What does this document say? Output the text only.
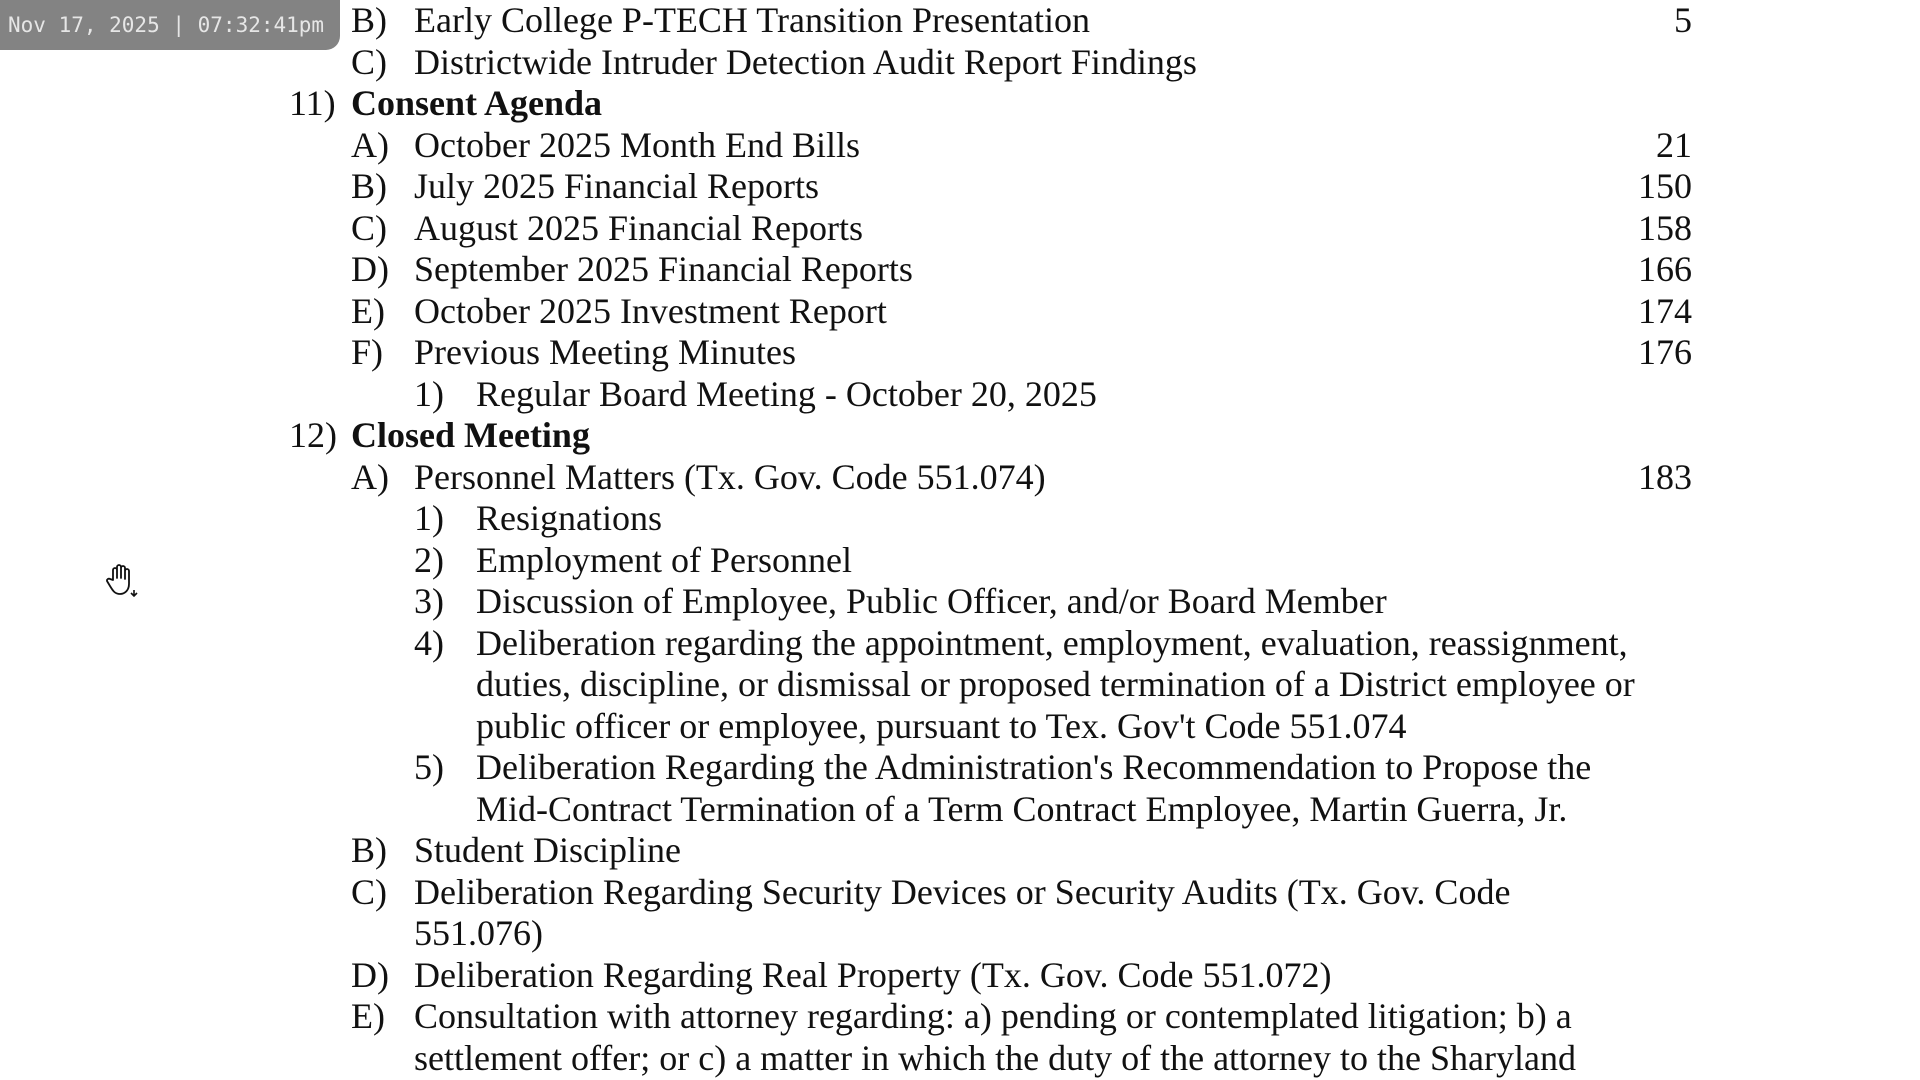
Nov 17, 2025 | 07:32:41pm B) Early College P-TECH Transition Presentation	5
C) Districtwide Intruder Detection Audit Report Findings
11) Consent Agenda
A) October 2025 Month End Bills	21
B) July 2025 Financial Reports	150
C) August 2025 Financial Reports	158
D) September 2025 Financial Reports	166
E) October 2025 Investment Report	174
F) Previous Meeting Minutes	176
1) Regular Board Meeting - October 20, 2025
12) Closed Meeting
A) Personnel Matters (Tx. Gov. Code 551.074)	183
1) Resignations
2) Employment of Personnel
3) Discussion of Employee, Public Officer, and/or Board Member
4) Deliberation regarding the appointment, employment, evaluation, reassignment,
duties, discipline, or dismissal or proposed termination of a District employee or
public officer or employee, pursuant to Tex. Gov't Code 551.074
5) Deliberation Regarding the Administration's Recommendation to Propose the
Mid-Contract Termination of a Term Contract Employee, Martin Guerra, Jr.
B) Student Discipline
C) Deliberation Regarding Security Devices or Security Audits (Tx. Gov. Code
551.076)
D) Deliberation Regarding Real Property (Tx. Gov. Code 551.072)
E) Consultation with attorney regarding: a) pending or contemplated litigation; b) a
settlement offer; or c) a matter in which the duty of the attorney to the Sharyland
